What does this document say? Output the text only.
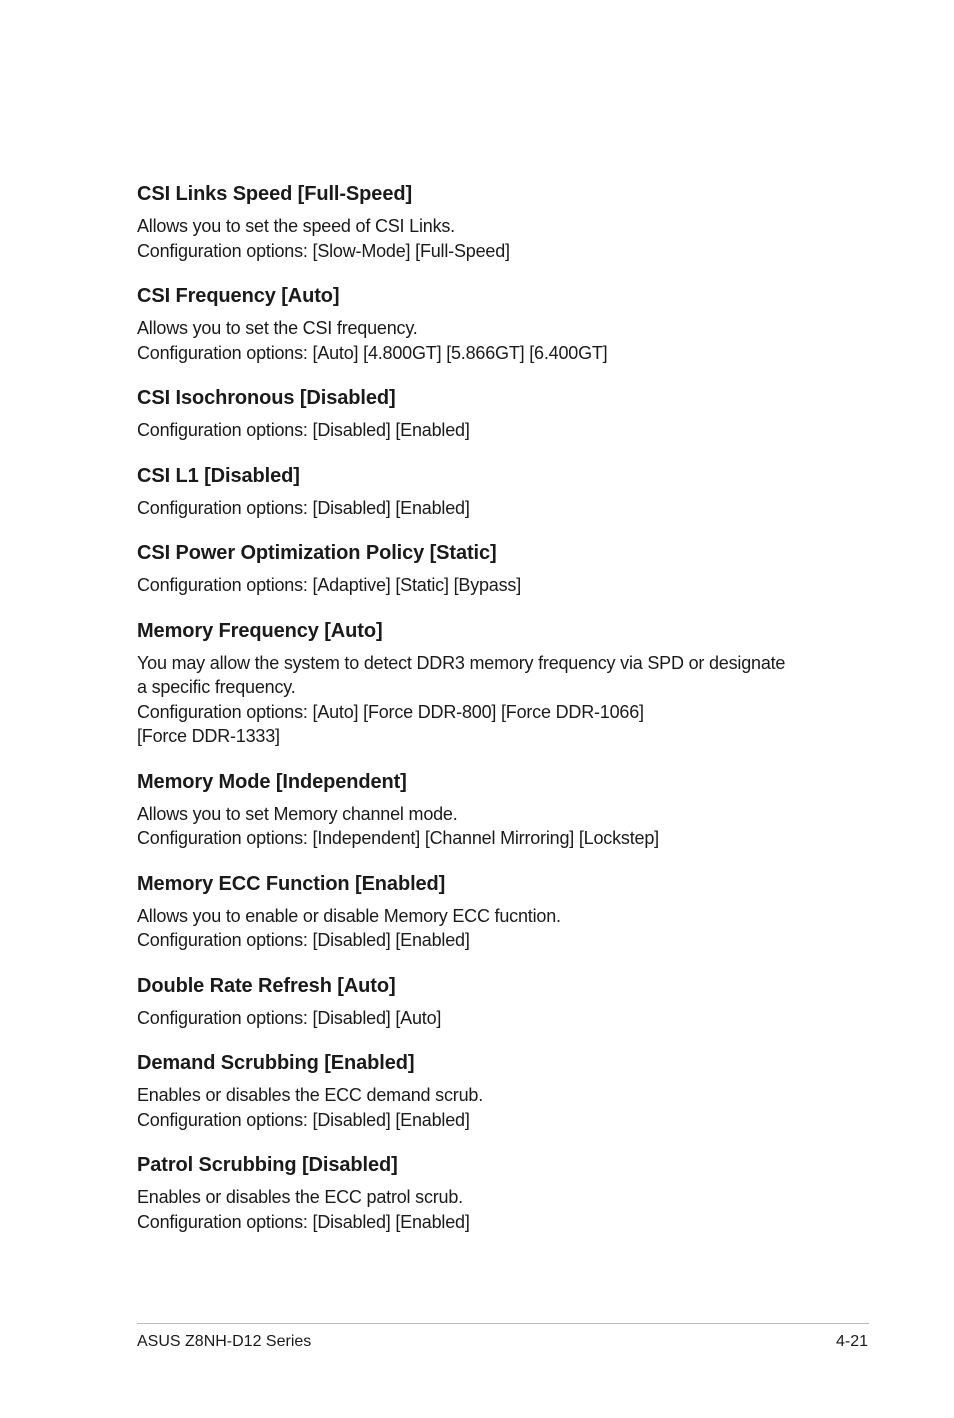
CSI Links Speed [Full-Speed]

Allows you to set the speed of CSI Links.

Configuration options: [Slow-Mode] [Full-Speed]

CSI Frequency [Auto]

Allows you to set the CSI frequency.

Configuration options: [Auto] [4.800GT] [5.866GT] [6.400GT]

CSI Isochronous [Disabled]

Configuration options: [Disabled] [Enabled]

CSI L1 [Disabled]

Configuration options: [Disabled] [Enabled]

CSI Power Optimization Policy [Static]

Configuration options: [Adaptive] [Static] [Bypass]

Memory Frequency [Auto]

You may allow the system to detect DDR3 memory frequency via SPD or designate

a specific frequency.

Configuration options: [Auto] [Force DDR-800] [Force DDR-1066]

[Force DDR-1333]

Memory Mode [Independent]

Allows you to set Memory channel mode.

Configuration options: [Independent] [Channel Mirroring] [Lockstep]

Memory ECC Function [Enabled]

Allows you to enable or disable Memory ECC fucntion.

Configuration options: [Disabled] [Enabled]

Double Rate Refresh [Auto]

Configuration options: [Disabled] [Auto]

Demand Scrubbing [Enabled]

Enables or disables the ECC demand scrub.

Configuration options: [Disabled] [Enabled]

Patrol Scrubbing [Disabled]

Enables or disables the ECC patrol scrub.

Configuration options: [Disabled] [Enabled]

ASUS Z8NH-D12 Series	4-21
